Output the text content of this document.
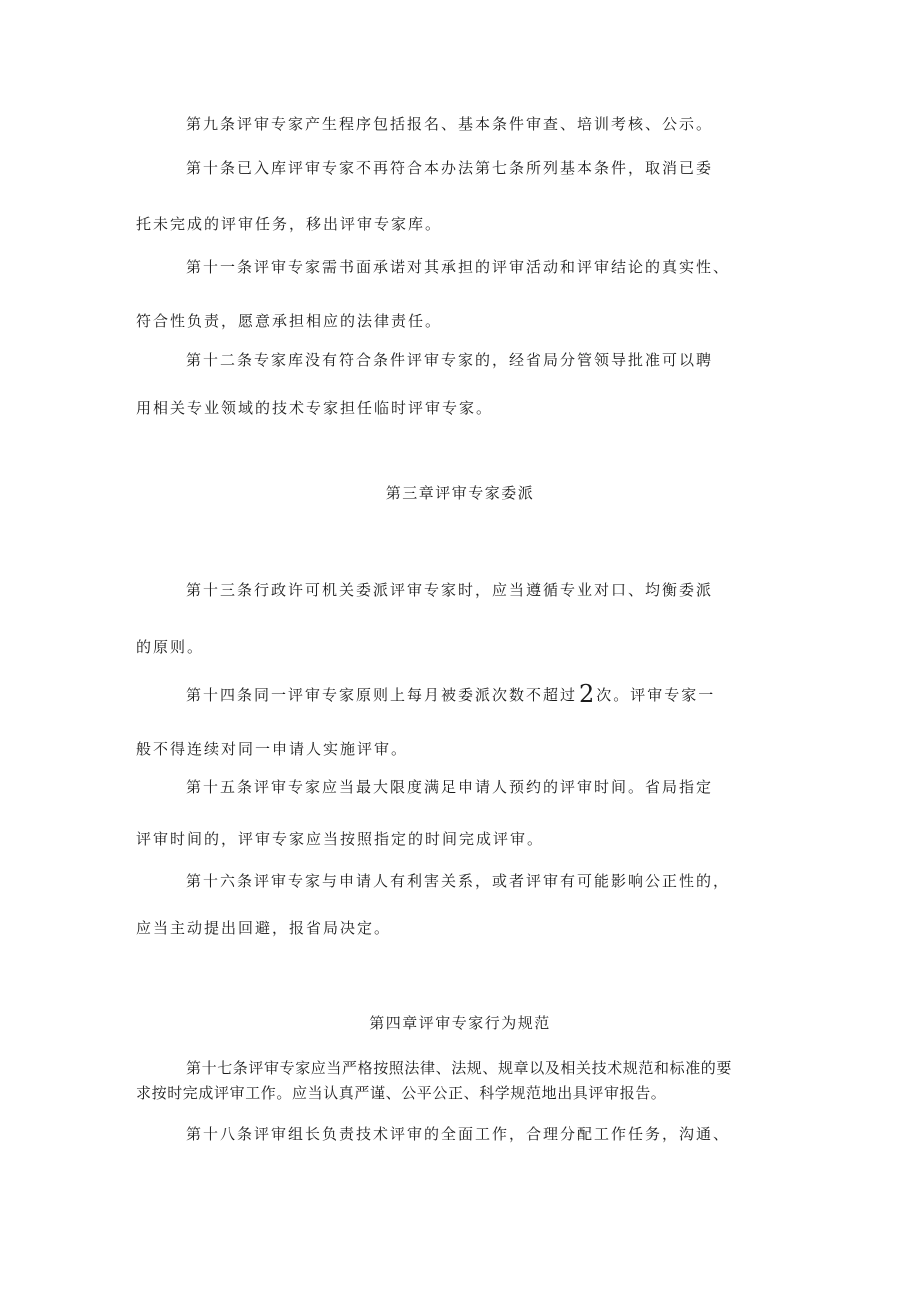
第九条评审专家产生程序包括报名、基本条件审查、培训考核、公示。
第十条已入库评审专家不再符合本办法第七条所列基本条件，取消已委
托未完成的评审任务，移出评审专家库。
第十一条评审专家需书面承诺对其承担的评审活动和评审结论的真实性、
符合性负责，愿意承担相应的法律责任。
第十二条专家库没有符合条件评审专家的，经省局分管领导批准可以聘
用相关专业领域的技术专家担任临时评审专家。
第三章评审专家委派
第十三条行政许可机关委派评审专家时，应当遵循专业对口、均衡委派
的原则。
第十四条同一评审专家原则上每月被委派次数不超过2 次。评审专家一
般不得连续对同一申请人实施评审。
第十五条评审专家应当最大限度满足申请人预约的评审时间。省局指定
评审时间的，评审专家应当按照指定的时间完成评审。
第十六条评审专家与申请人有利害关系，或者评审有可能影响公正性的，
应当主动提出回避，报省局决定。
第四章评审专家行为规范
第十七条评审专家应当严格按照法律、法规、规章以及相关技术规范和标准的要
求按时完成评审工作。应当认真严谨、公平公正、科学规范地出具评审报告。
第十八条评审组长负责技术评审的全面工作，合理分配工作任务，沟通、
